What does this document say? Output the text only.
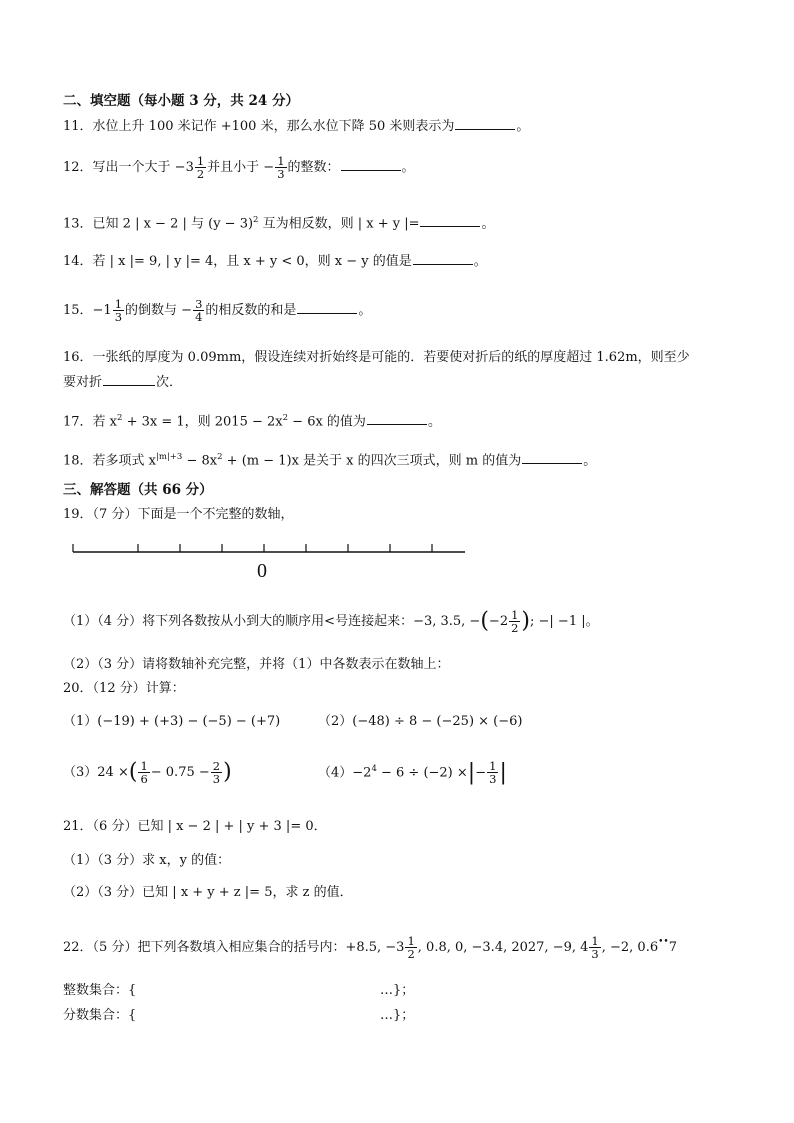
二、填空题（每小题 3 分，共 24 分）
11．水位上升 100 米记作 +100 米，那么水位下降 50 米则表示为	。
12．写出一个大于 $-3 \frac{1}{2}$ 并且小于 − $\frac{1}{3}$ 的整数：	。
13．已知 2 | x − 2 | 与 $(y - 3)^2$ 互为相反数，则 | x + y |=	。
14．若 | x |= 9, | y |= 4，且 x + y < 0，则 x − y 的值是	。
15．$-1 \frac{1}{3}$ 的倒数与 − $\frac{3}{4}$ 的相反数的和是	。
16．一张纸的厚度为 0.09mm，假设连续对折始终是可能的．若要使对折后的纸的厚度超过 1.62m，则至少
要对折	次．
17．若 $x^2 + 3x = 1$，则 $2015 - 2x^2 - 6x$ 的值为	。
18．若多项式 $x^{|m|+3} - 8x^2 + (m - 1)x$ 是关于 x 的四次三项式，则 m 的值为	。
三、解答题（共 66 分）
19．（7 分）下面是一个不完整的数轴，
0
（1）（4 分）将下列各数按从小到大的顺序用<号连接起来：−3, 3.5, $-(-2 \frac{1}{2}$ ); −| −1 |。
（2）（3 分）请将数轴补充完整，并将（1）中各数表示在数轴上：
20．（12 分）计算：
（1）(−19) + (+3) − (−5) − (+7)	（2）(−48) ÷ 8 − (−25) × (−6)
（3）24 ×( $\frac{1}{6} - 0.75 - \frac{2}{3}$ )	$(4)-2^4 - 6 \div (-2)$ ×|− $\frac{1}{3}$ |
21．（6 分）已知 | x − 2 | + | y + 3 |= 0．
（1）（3 分）求 x，y 的值：
（2）（3 分）已知 | x + y + z |= 5，求 z 的值．
22．（5 分）把下列各数填入相应集合的括号内：+8.5, $-3 \frac{1}{2}$ , 0.8, 0, −3.4, 2027, −9, $4 \frac{1}{3}$ , −2, 0.6••7
整数集合：{	…}；
分数集合：{	…}；
